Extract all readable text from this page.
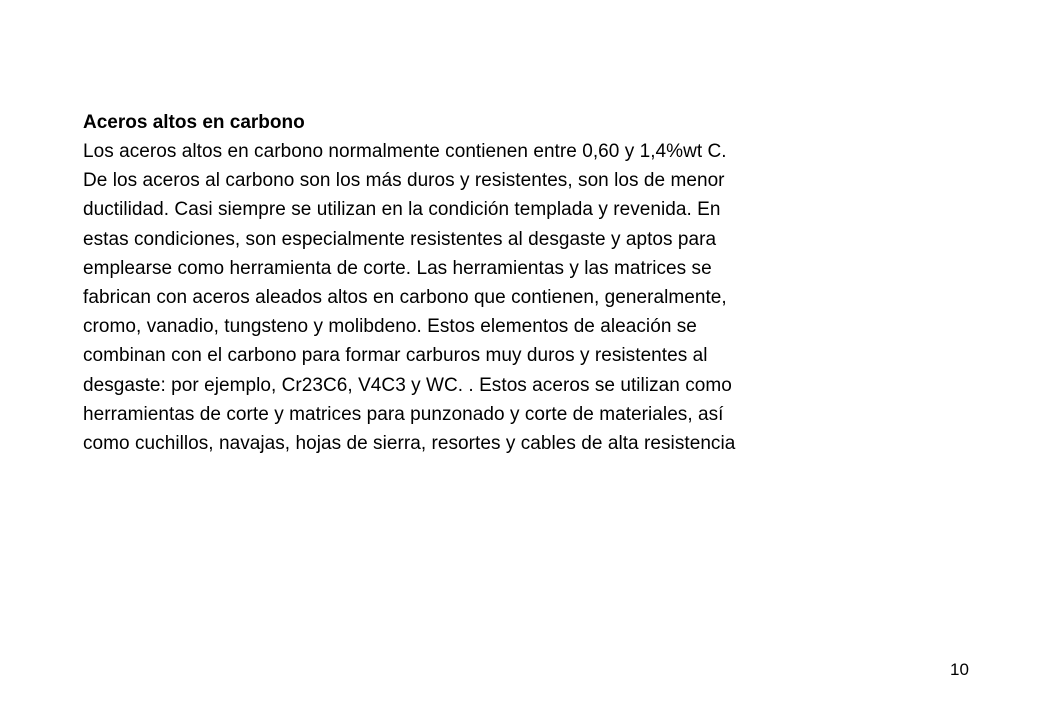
Aceros altos en carbono
Los aceros altos en carbono normalmente contienen entre 0,60 y 1,4%wt C.
De los aceros al carbono son los más duros y resistentes, son los de menor
ductilidad. Casi siempre se utilizan en la condición templada y revenida. En
estas condiciones, son especialmente resistentes al desgaste y aptos para
emplearse como herramienta de corte. Las herramientas y las matrices se
fabrican con aceros aleados altos en carbono que contienen, generalmente,
cromo, vanadio, tungsteno y molibdeno. Estos elementos de aleación se
combinan con el carbono para formar carburos muy duros y resistentes al
desgaste: por ejemplo, Cr23C6, V4C3 y WC. . Estos aceros se utilizan como
herramientas de corte y matrices para punzonado y corte de materiales, así
como cuchillos, navajas, hojas de sierra, resortes y cables de alta resistencia
10
